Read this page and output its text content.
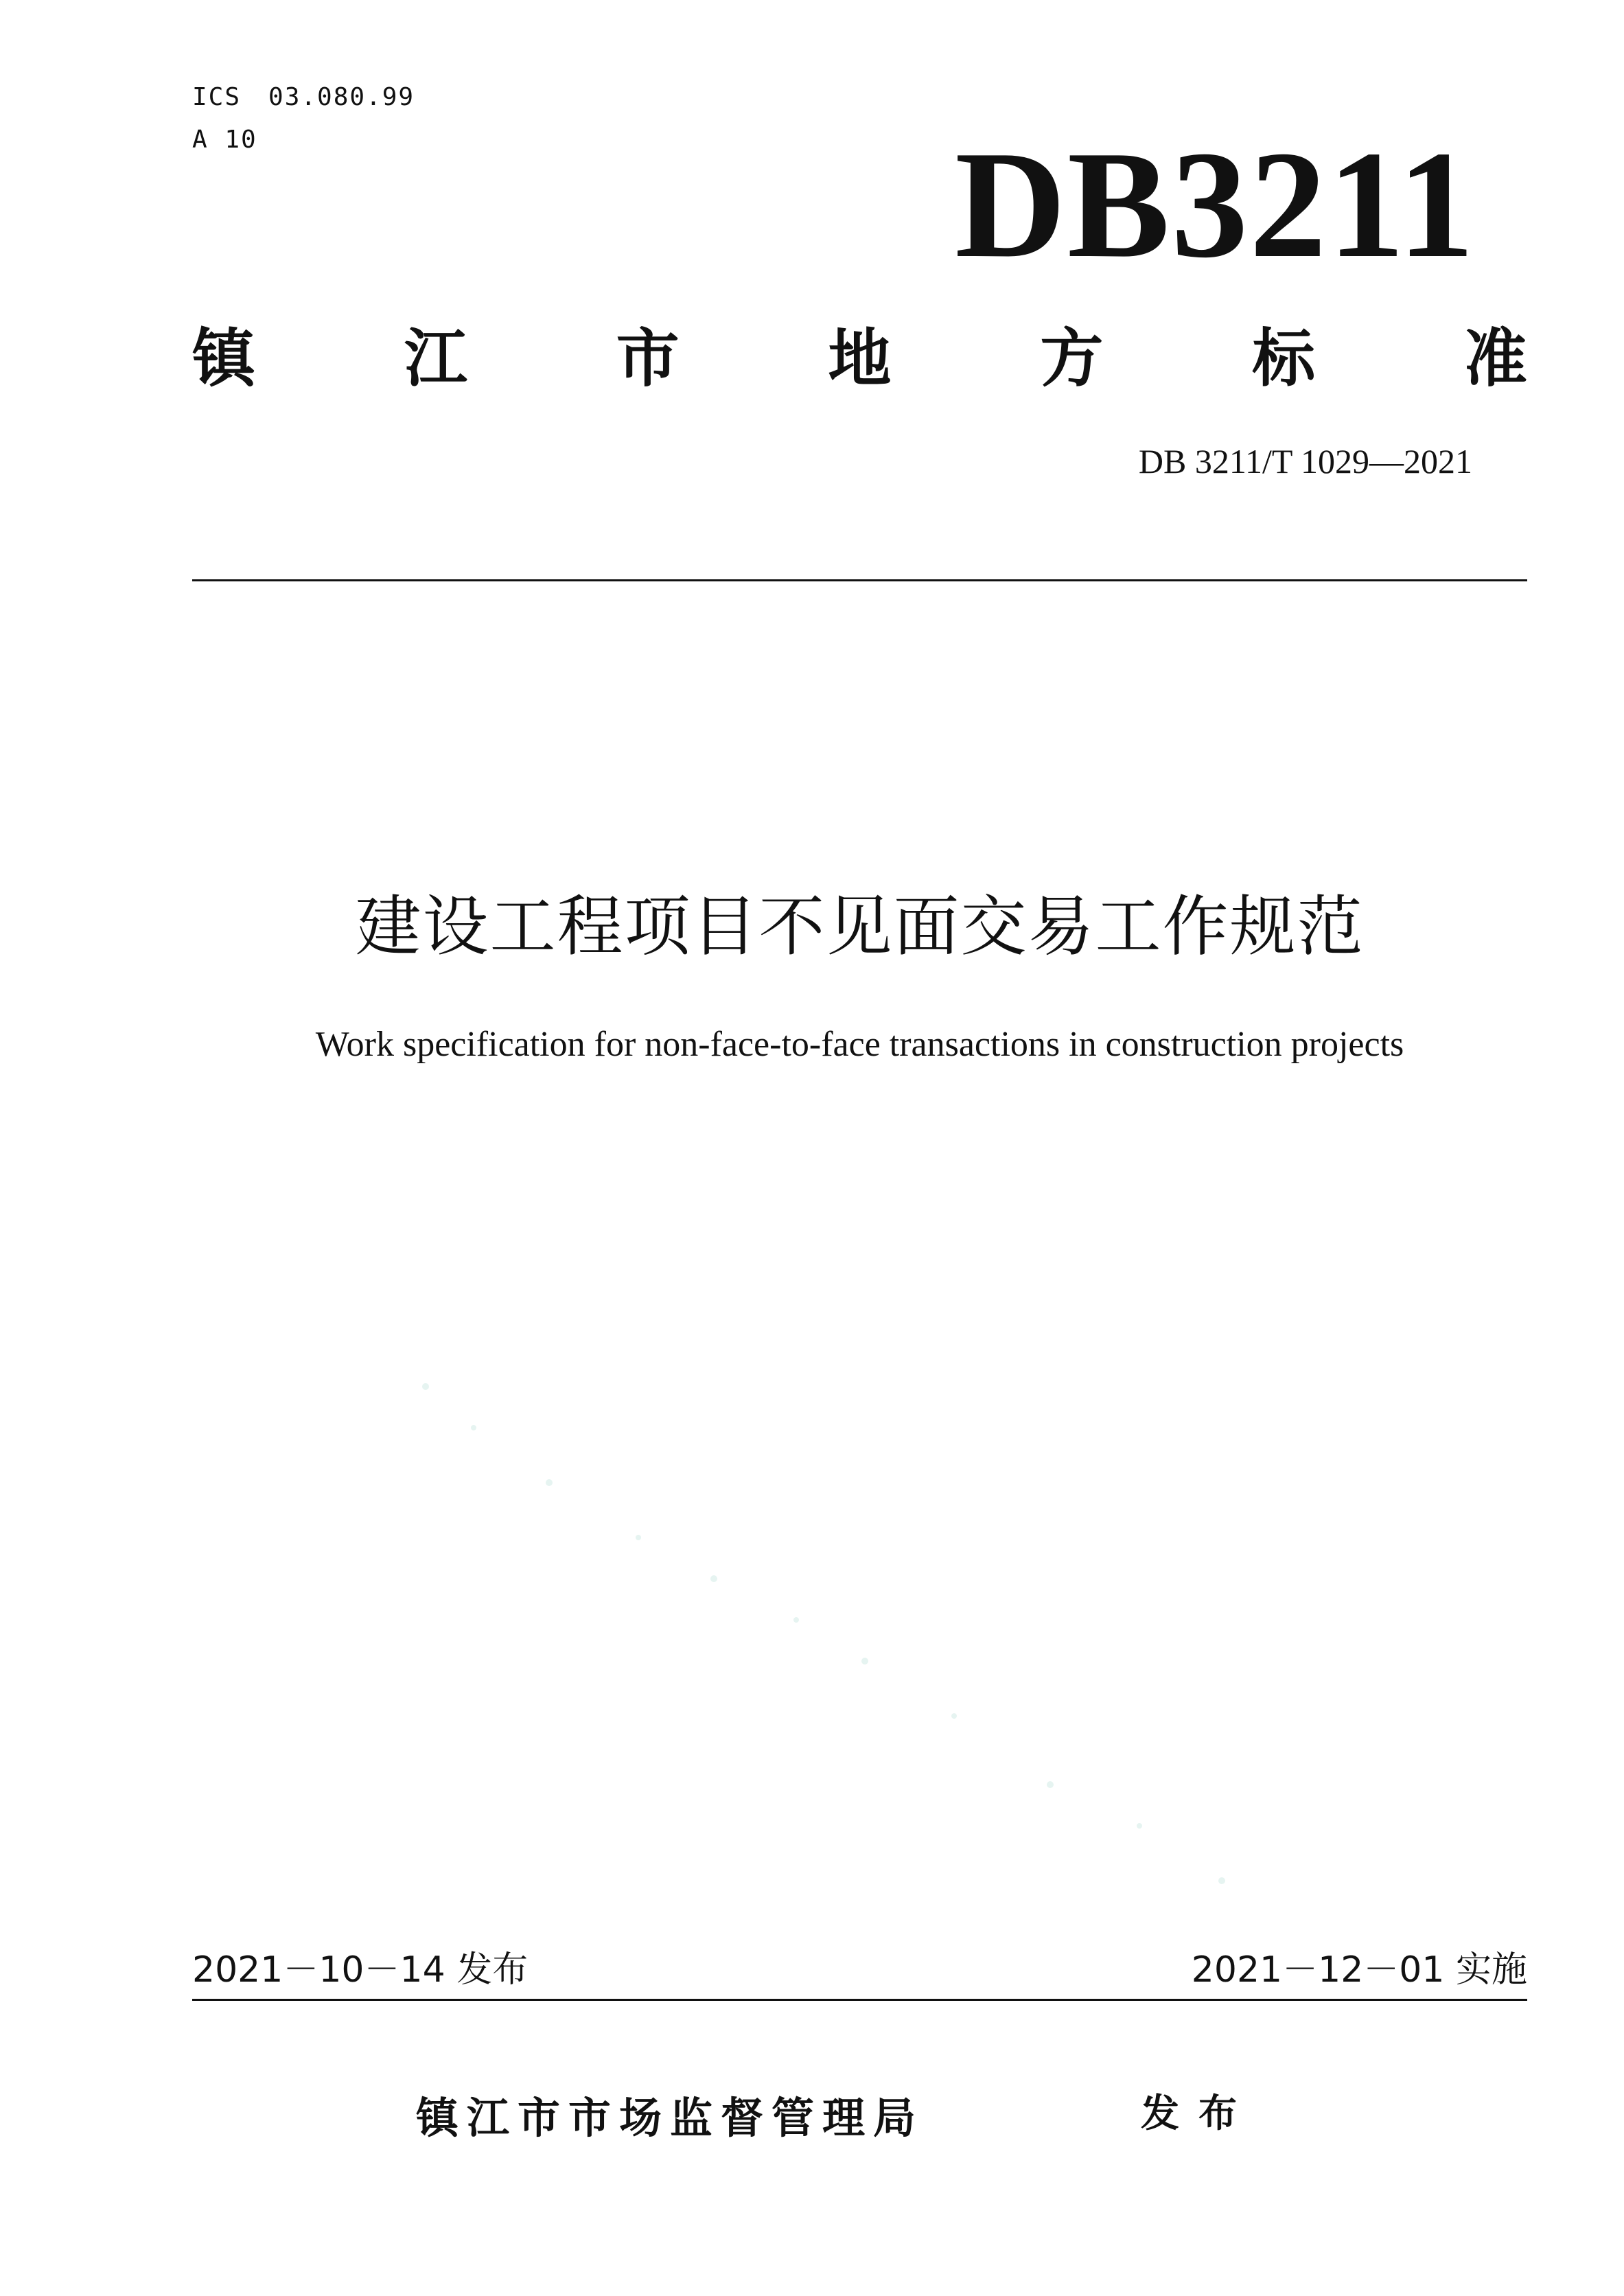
ICS 03.080.99
A 10	DB3211
镇 江 市 地 方 标 准
DB 3211/T 1029—2021
建设工程项目不见面交易工作规范
Work specification for non-face-to-face transactions in construction projects
2021－10－14 发布	2021－12－01 实施
镇江市市场监督管理局	发布
